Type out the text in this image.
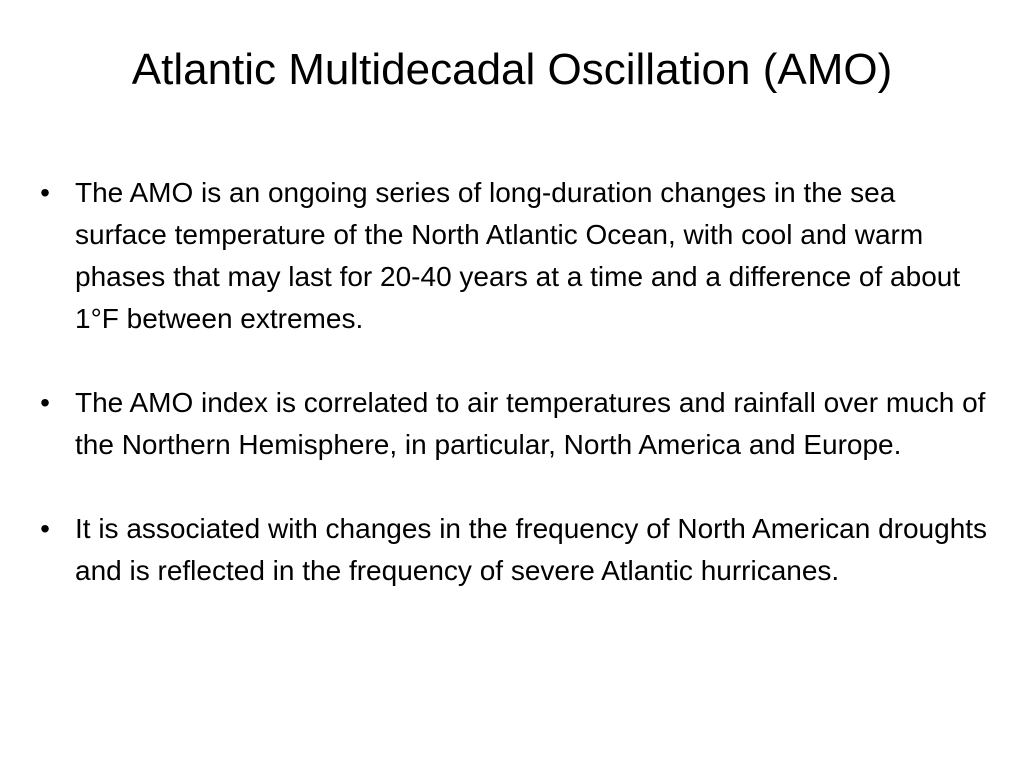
Atlantic Multidecadal Oscillation (AMO)
• The AMO is an ongoing series of long-duration changes in the sea surface temperature of the North Atlantic Ocean, with cool and warm phases that may last for 20-40 years at a time and a difference of about 1°F between extremes.
• The AMO index is correlated to air temperatures and rainfall over much of the Northern Hemisphere, in particular, North America and Europe.
• It is associated with changes in the frequency of North American droughts and is reflected in the frequency of severe Atlantic hurricanes.
